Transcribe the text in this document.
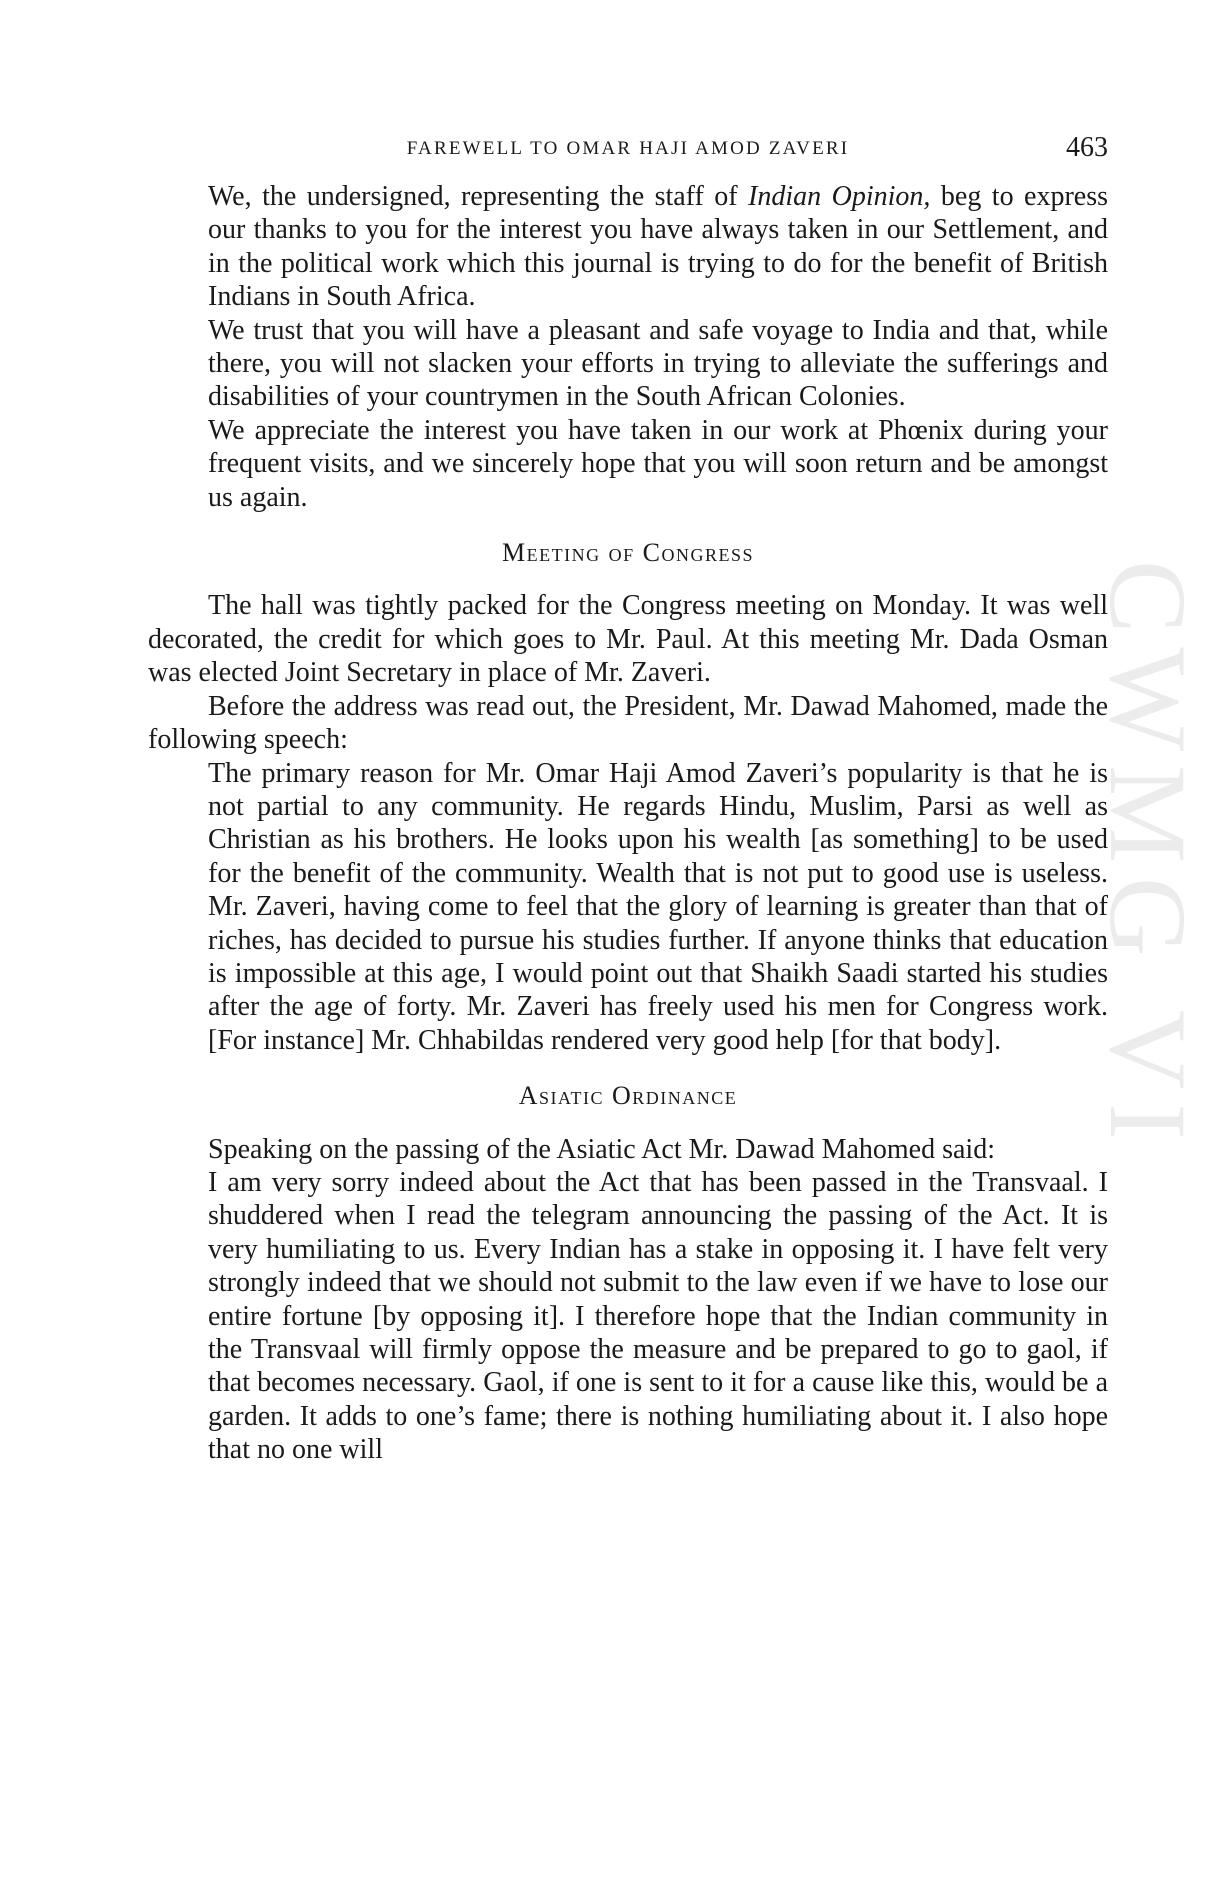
FAREWELL TO OMAR HAJI AMOD ZAVERI	463
CWMG VI

We, the undersigned, representing the staff of Indian Opinion, beg to express our thanks to you for the interest you have always taken in our Settlement, and in the political work which this journal is trying to do for the benefit of British Indians in South Africa.

We trust that you will have a pleasant and safe voyage to India and that, while there, you will not slacken your efforts in trying to alleviate the sufferings and disabilities of your countrymen in the South African Colonies.

We appreciate the interest you have taken in our work at Phœnix during your frequent visits, and we sincerely hope that you will soon return and be amongst us again.

Meeting of Congress

The hall was tightly packed for the Congress meeting on Monday. It was well decorated, the credit for which goes to Mr. Paul. At this meeting Mr. Dada Osman was elected Joint Secretary in place of Mr. Zaveri.

Before the address was read out, the President, Mr. Dawad Mahomed, made the following speech:

The primary reason for Mr. Omar Haji Amod Zaveri’s popularity is that he is not partial to any community. He regards Hindu, Muslim, Parsi as well as Christian as his brothers. He looks upon his wealth [as something] to be used for the benefit of the community. Wealth that is not put to good use is useless. Mr. Zaveri, having come to feel that the glory of learning is greater than that of riches, has decided to pursue his studies further. If anyone thinks that education is impossible at this age, I would point out that Shaikh Saadi started his studies after the age of forty. Mr. Zaveri has freely used his men for Congress work. [For instance] Mr. Chhabildas rendered very good help [for that body].

Asiatic Ordinance

Speaking on the passing of the Asiatic Act Mr. Dawad Mahomed said:

I am very sorry indeed about the Act that has been passed in the Transvaal. I shuddered when I read the telegram announcing the passing of the Act. It is very humiliating to us. Every Indian has a stake in opposing it. I have felt very strongly indeed that we should not submit to the law even if we have to lose our entire fortune [by opposing it]. I therefore hope that the Indian community in the Transvaal will firmly oppose the measure and be prepared to go to gaol, if that becomes necessary. Gaol, if one is sent to it for a cause like this, would be a garden. It adds to one’s fame; there is nothing humiliating about it. I also hope that no one will
